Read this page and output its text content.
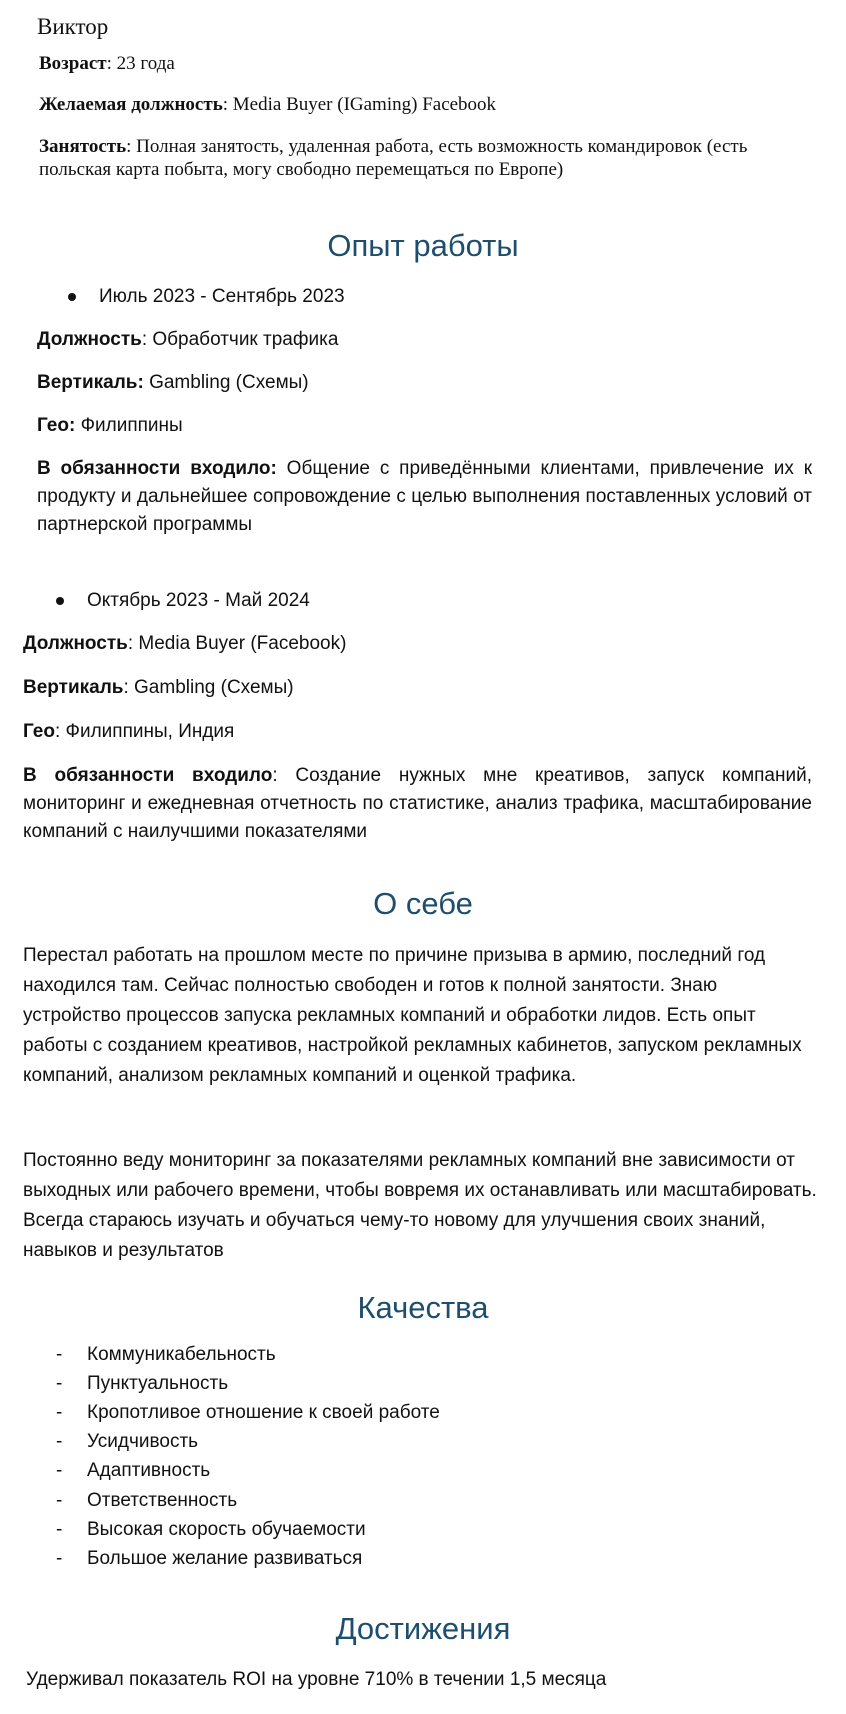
Виктор
Возраст: 23 года
Желаемая должность: Media Buyer (IGaming) Facebook
Занятость: Полная занятость, удаленная работа, есть возможность командировок (есть польская карта побыта, могу свободно перемещаться по Европе)
Опыт работы
Июль 2023 - Сентябрь 2023
Должность: Обработчик трафика
Вертикаль: Gambling (Схемы)
Гео: Филиппины
В обязанности входило: Общение с приведёнными клиентами, привлечение их к продукту и дальнейшее сопровождение с целью выполнения поставленных условий от партнерской программы
Октябрь 2023 - Май 2024
Должность: Media Buyer (Facebook)
Вертикаль: Gambling (Схемы)
Гео: Филиппины, Индия
В обязанности входило: Создание нужных мне креативов, запуск компаний, мониторинг и ежедневная отчетность по статистике, анализ трафика, масштабирование компаний с наилучшими показателями
О себе
Перестал работать на прошлом месте по причине призыва в армию, последний год находился там. Сейчас полностью свободен и готов к полной занятости. Знаю устройство процессов запуска рекламных компаний и обработки лидов. Есть опыт работы с созданием креативов, настройкой рекламных кабинетов, запуском рекламных компаний, анализом рекламных компаний и оценкой трафика.
Постоянно веду мониторинг за показателями рекламных компаний вне зависимости от выходных или рабочего времени, чтобы вовремя их останавливать или масштабировать. Всегда стараюсь изучать и обучаться чему-то новому для улучшения своих знаний, навыков и результатов
Качества
- Коммуникабельность
- Пунктуальность
- Кропотливое отношение к своей работе
- Усидчивость
- Адаптивность
- Ответственность
- Высокая скорость обучаемости
- Большое желание развиваться
Достижения
Удерживал показатель ROI на уровне 710% в течении 1,5 месяца
